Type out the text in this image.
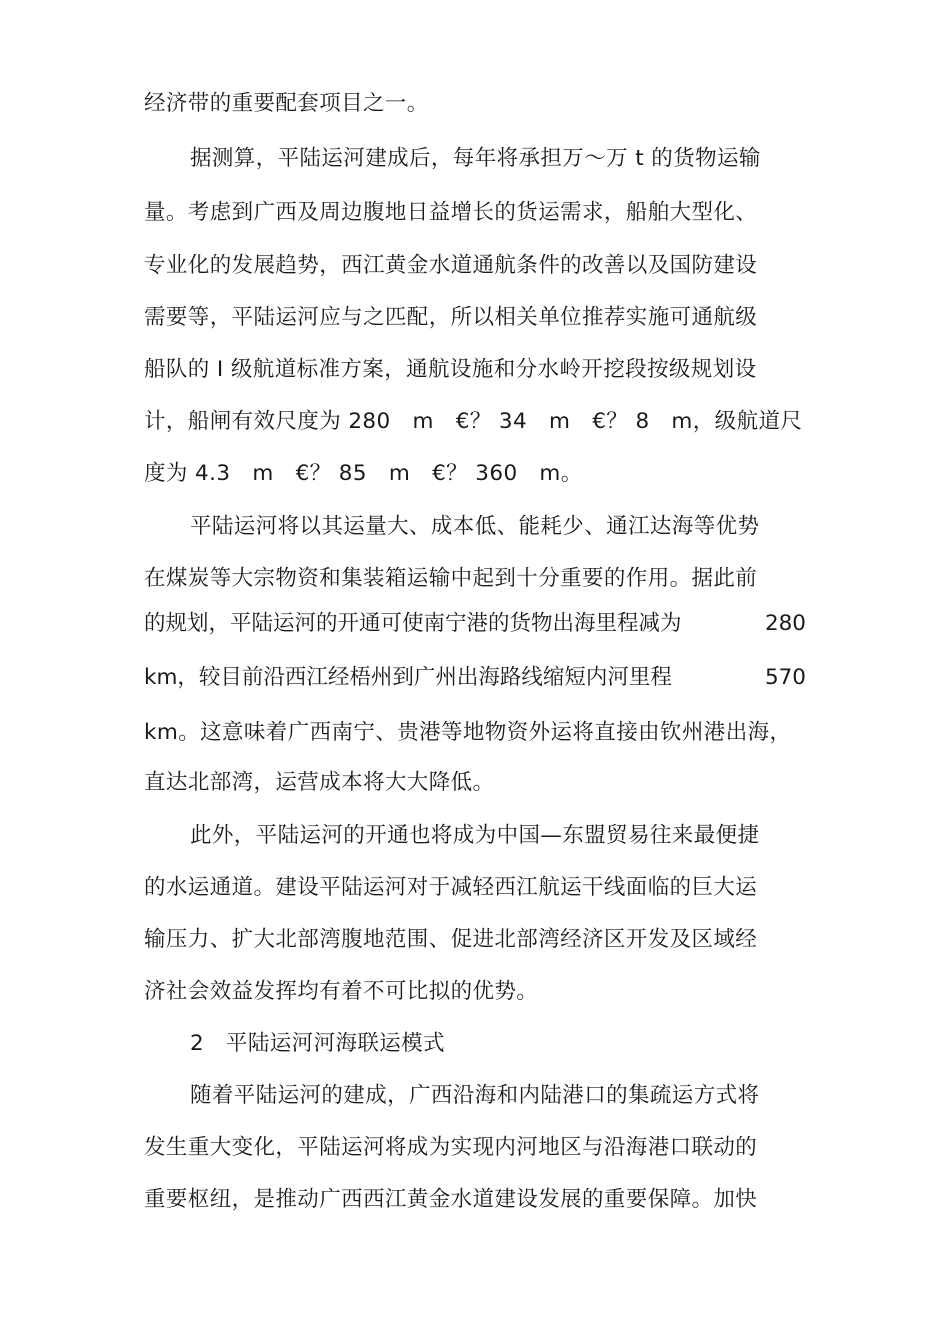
经济带的重要配套项目之一。
据测算，平陆运河建成后，每年将承担万～万 t 的货物运输
量。考虑到广西及周边腹地日益增长的货运需求，船舶大型化、
专业化的发展趋势，西江黄金水道通航条件的改善以及国防建设
需要等，平陆运河应与之匹配，所以相关单位推荐实施可通航级
船队的 Ⅰ 级航道标准方案，通航设施和分水岭开挖段按级规划设
计，船闸有效尺度为 280　m　€？ 34　m　€？ 8　m，级航道尺
度为 4.3　m　€？ 85　m　€？ 360　m。
平陆运河将以其运量大、成本低、能耗少、通江达海等优势
在煤炭等大宗物资和集装箱运输中起到十分重要的作用。据此前
的规划，平陆运河的开通可使南宁港的货物出海里程减为	280
km，较目前沿西江经梧州到广州出海路线缩短内河里程	570
km。这意味着广西南宁、贵港等地物资外运将直接由钦州港出海，
直达北部湾，运营成本将大大降低。
此外，平陆运河的开通也将成为中国—东盟贸易往来最便捷
的水运通道。建设平陆运河对于减轻西江航运干线面临的巨大运
输压力、扩大北部湾腹地范围、促进北部湾经济区开发及区域经
济社会效益发挥均有着不可比拟的优势。
2　平陆运河河海联运模式
随着平陆运河的建成，广西沿海和内陆港口的集疏运方式将
发生重大变化，平陆运河将成为实现内河地区与沿海港口联动的
重要枢纽，是推动广西西江黄金水道建设发展的重要保障。加快
